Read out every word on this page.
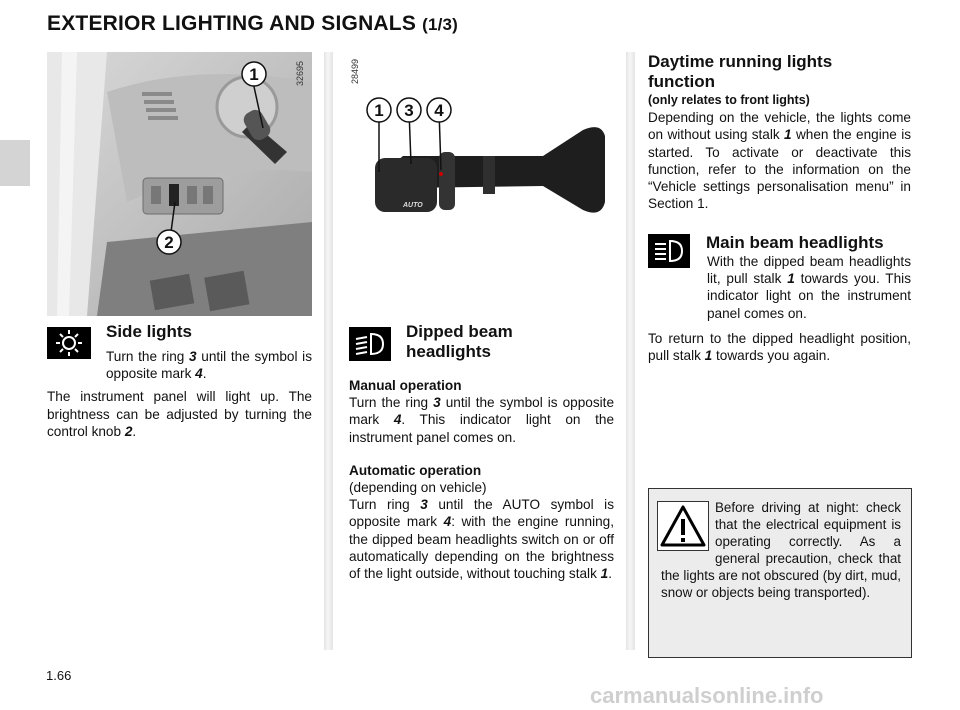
EXTERIOR LIGHTING AND SIGNALS (1/3)
1
2
32695
AUTO
1 3 4
28499
Side lights

Turn the ring 3 until the symbol is opposite mark 4.

The instrument panel will light up. The brightness can be adjusted by turning the control knob 2.

Dipped beam
headlights
Manual operation

Turn the ring 3 until the symbol is opposite mark 4. This indicator light on the instrument panel comes on.

Automatic operation
(depending on vehicle)

Turn ring 3 until the AUTO symbol is opposite mark 4: with the engine running, the dipped beam headlights switch on or off automatically depending on the brightness of the light outside, without touching stalk 1.

Daytime running lights
function
(only relates to front lights)

Depending on the vehicle, the lights come on without using stalk 1 when the engine is started. To activate or deactivate this function, refer to the information on the “Vehicle settings personalisation menu” in Section 1.

Main beam headlights

With the dipped beam headlights lit, pull stalk 1 towards you. This indicator light on the instrument panel comes on.

To return to the dipped headlight position, pull stalk 1 towards you again.

Before driving at night: check that the electrical equipment is operating correctly. As a general precaution, check that the lights are not obscured (by dirt, mud, snow or objects being transported).
1.66
carmanualsonline.info
